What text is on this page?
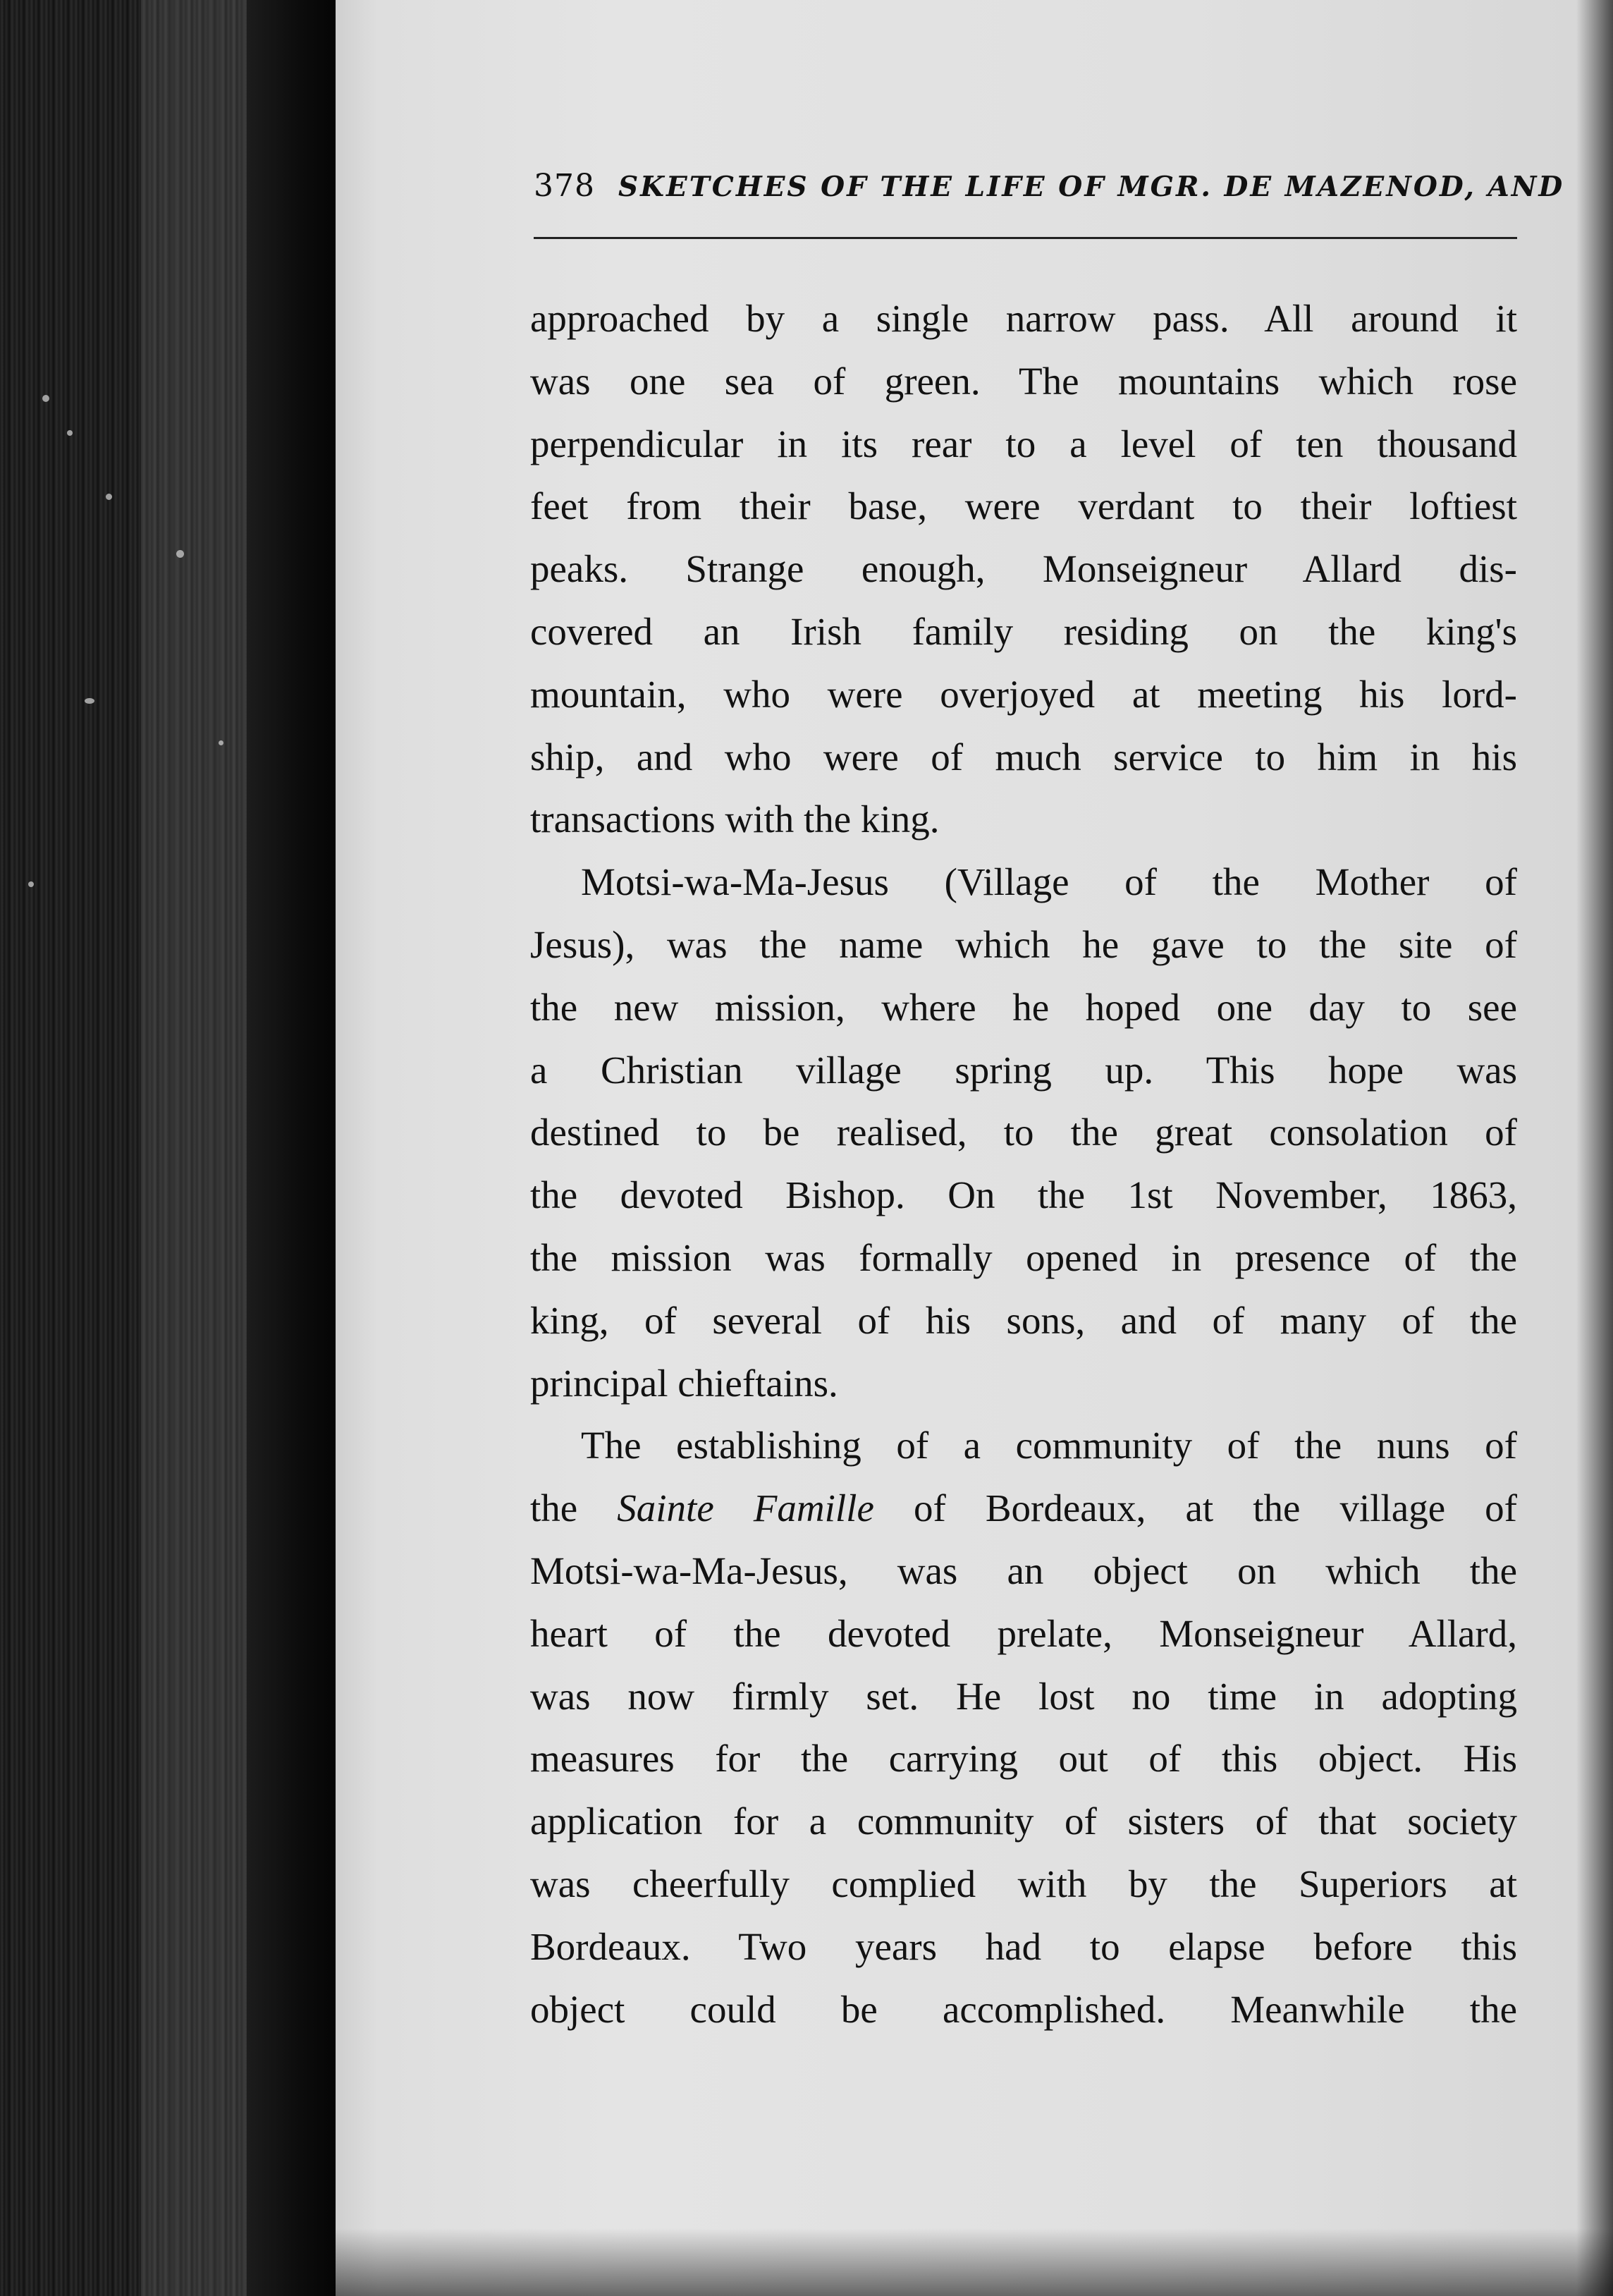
378 SKETCHES OF THE LIFE OF MGR. DE MAZENOD, AND
approached by a single narrow pass. All around it
was one sea of green. The mountains which rose
perpendicular in its rear to a level of ten thousand
feet from their base, were verdant to their loftiest
peaks. Strange enough, Monseigneur Allard dis-
covered an Irish family residing on the king's
mountain, who were overjoyed at meeting his lord-
ship, and who were of much service to him in his
transactions with the king.
Motsi-wa-Ma-Jesus (Village of the Mother of
Jesus), was the name which he gave to the site of
the new mission, where he hoped one day to see
a Christian village spring up. This hope was
destined to be realised, to the great consolation of
the devoted Bishop. On the 1st November, 1863,
the mission was formally opened in presence of the
king, of several of his sons, and of many of the
principal chieftains.
The establishing of a community of the nuns of
the Sainte Famille of Bordeaux, at the village of
Motsi-wa-Ma-Jesus, was an object on which the
heart of the devoted prelate, Monseigneur Allard,
was now firmly set. He lost no time in adopting
measures for the carrying out of this object. His
application for a community of sisters of that society
was cheerfully complied with by the Superiors at
Bordeaux. Two years had to elapse before this
object could be accomplished. Meanwhile the
